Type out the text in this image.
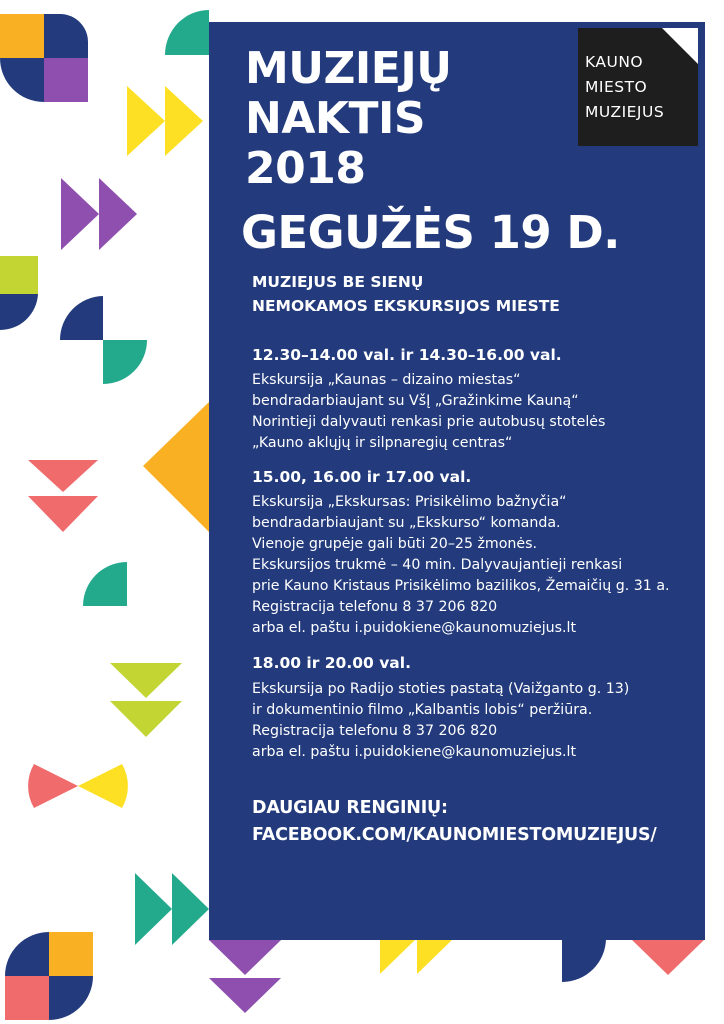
KAUNO
MIESTO
MUZIEJUS
MUZIEJŲ
NAKTIS
2018
GEGUŽĖS 19 D.
MUZIEJUS BE SIENŲ
NEMOKAMOS EKSKURSIJOS MIESTE
12.30–14.00 val. ir 14.30–16.00 val.
Ekskursija „Kaunas – dizaino miestas“
bendradarbiaujant su VšĮ „Gražinkime Kauną“
Norintieji dalyvauti renkasi prie autobusų stotelės
„Kauno aklųjų ir silpnaregių centras“
15.00, 16.00 ir 17.00 val.
Ekskursija „Ekskursas: Prisikėlimo bažnyčia“
bendradarbiaujant su „Ekskurso“ komanda.
Vienoje grupėje gali būti 20–25 žmonės.
Ekskursijos trukmė – 40 min. Dalyvaujantieji renkasi
prie Kauno Kristaus Prisikėlimo bazilikos, Žemaičių g. 31 a.
Registracija telefonu 8 37 206 820
arba el. paštu i.puidokiene@kaunomuziejus.lt
18.00 ir 20.00 val.
Ekskursija po Radijo stoties pastatą (Vaižganto g. 13)
ir dokumentinio filmo „Kalbantis lobis“ peržiūra.
Registracija telefonu 8 37 206 820
arba el. paštu i.puidokiene@kaunomuziejus.lt
DAUGIAU RENGINIŲ:
FACEBOOK.COM/KAUNOMIESTOMUZIEJUS/
